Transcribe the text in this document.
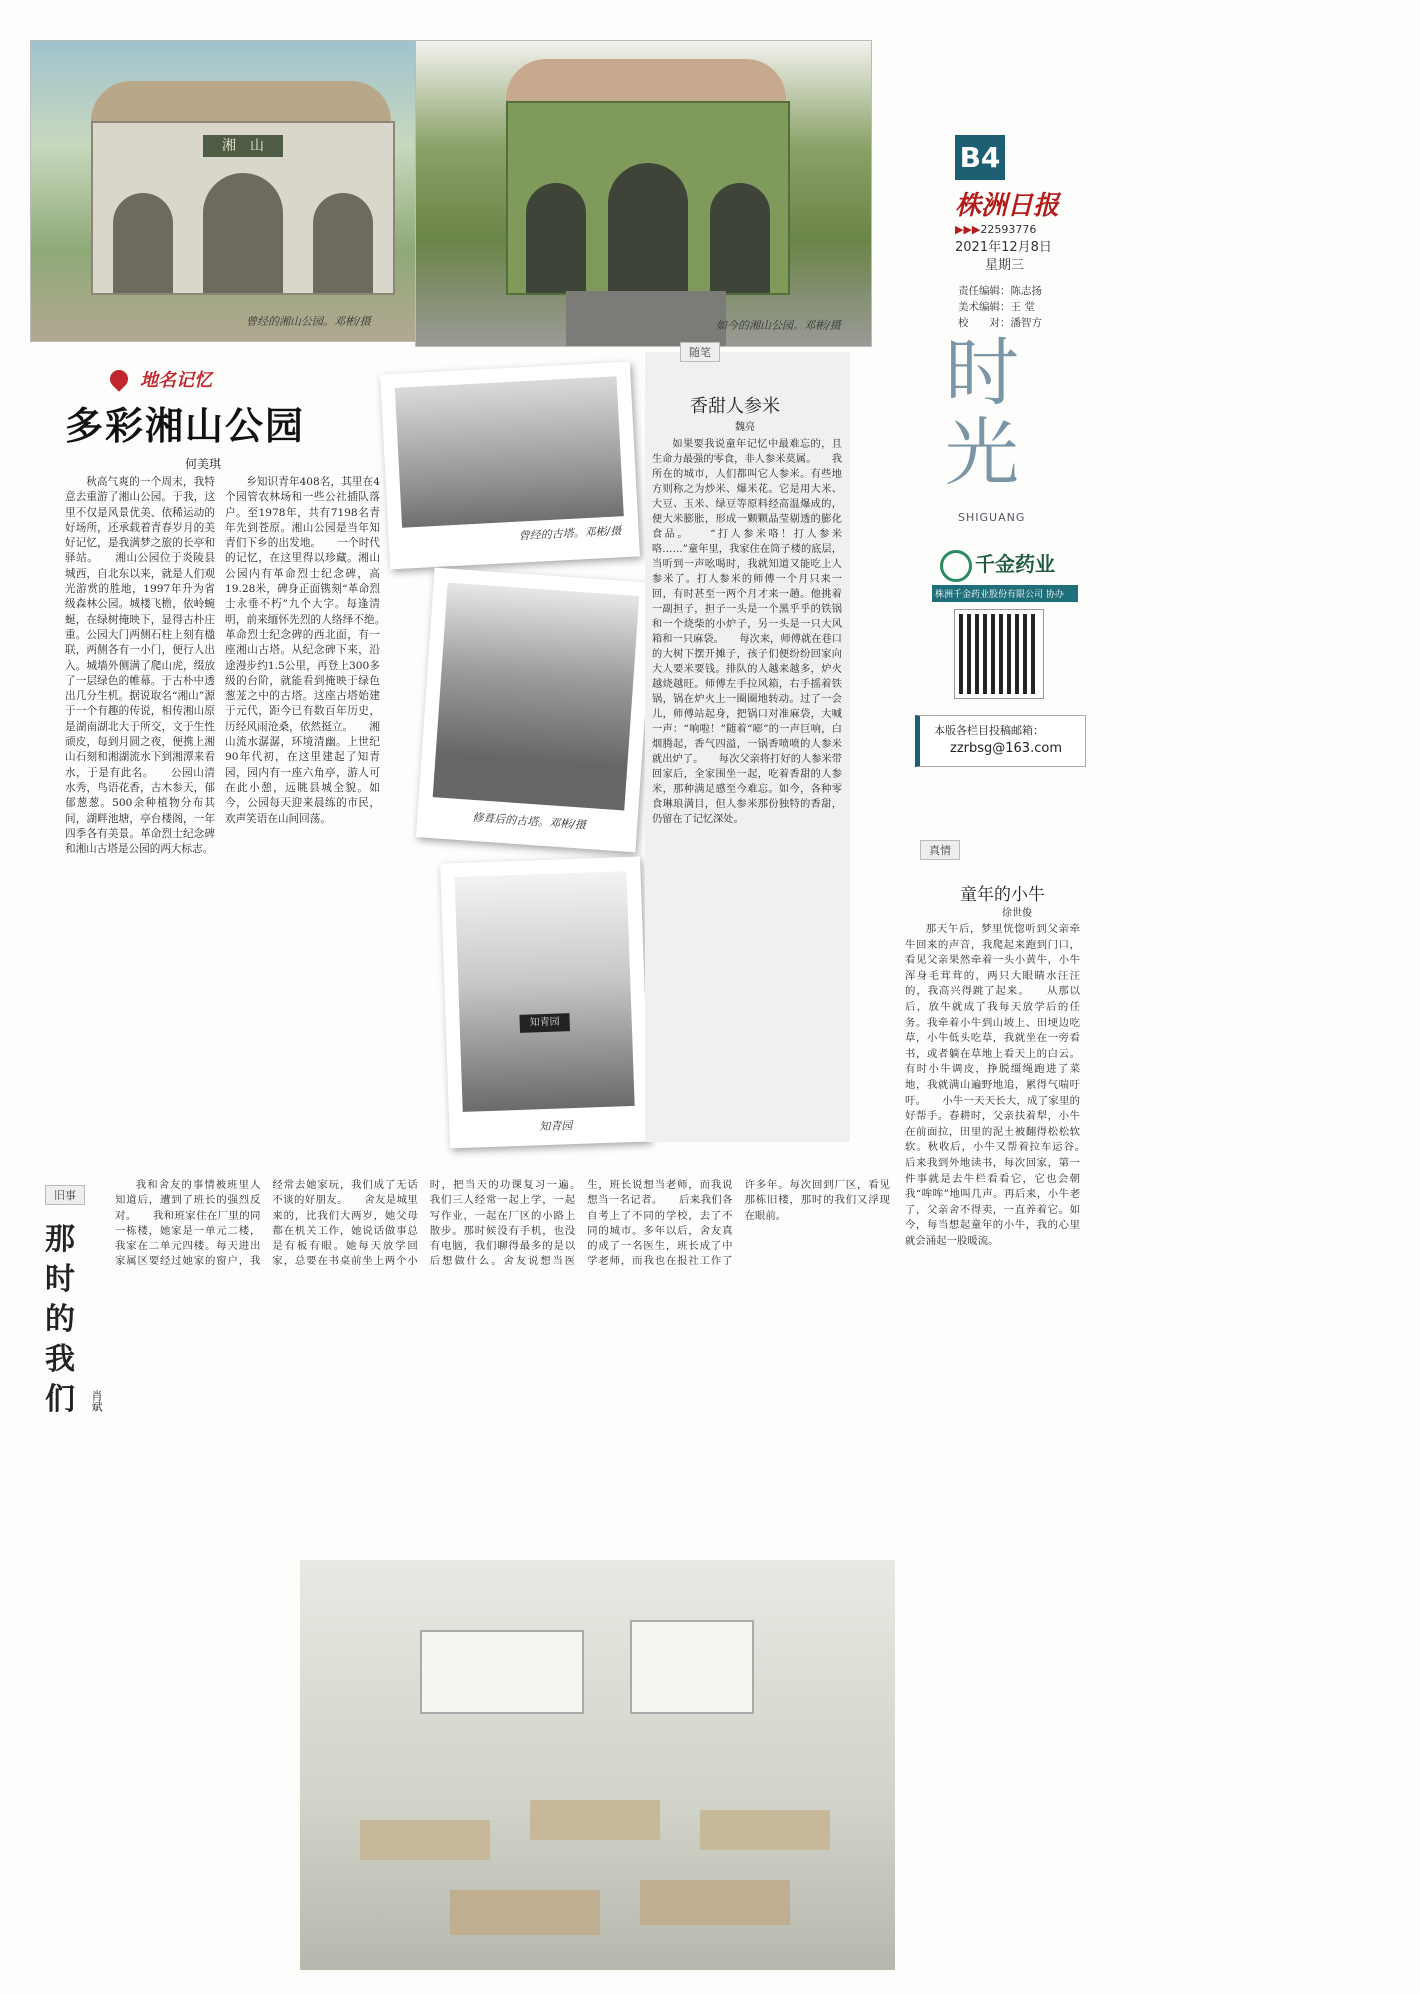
湘　山
曾经的湘山公园。邓彬/摄	如今的湘山公园。邓彬/摄
B4
株洲日报
▶▶▶22593776
2021年12月8日
星期三
责任编辑：陈志扬
美术编辑：王 堂
校　　对：潘智方
时
光
SHIGUANG
千金药业
株洲千金药业股份有限公司 协办
本版各栏目投稿邮箱：
zzrbsg@163.com
地名记忆
多彩湘山公园
何美琪

秋高气爽的一个周末，我特意去重游了湘山公园。于我，这里不仅是风景优美、依稀运动的好场所，还承载着青春岁月的美好记忆，是我满梦之旅的长亭和驿站。　　湘山公园位于炎陵县城西，自北东以来，就是人们观光游赏的胜地，1997年升为省级森林公园。城楼飞檐，依岭蜿蜒，在绿树掩映下，显得古朴庄重。公园大门两侧石柱上刻有楹联，两侧各有一小门，便行人出入。城墙外侧满了爬山虎，缀放了一层绿色的帷幕。于古朴中透出几分生机。据说取名“湘山”源于一个有趣的传说，相传湘山原是湖南湖北大于所交，文于生性顽皮，每到月圆之夜，便携上湘山石刻和湘湖流水下到湘潭来看水，于是有此名。　　公园山清水秀，鸟语花香，古木参天，郁郁葱葱。500余种植物分布其间，湖畔池塘，亭台楼阁，一年四季各有美景。革命烈士纪念碑和湘山古塔是公园的两大标志。

乡知识青年408名，其里在4个园管农林场和一些公社插队落户。至1978年，共有7198名青年先到苍原。湘山公园是当年知青们下乡的出发地。　　一个时代的记忆，在这里得以珍藏。湘山公园内有革命烈士纪念碑，高19.28米，碑身正面镌刻“革命烈士永垂不朽”九个大字。每逢清明，前来缅怀先烈的人络绎不绝。　　革命烈士纪念碑的西北面，有一座湘山古塔。从纪念碑下来，沿途漫步约1.5公里，再登上300多级的台阶，就能看到掩映于绿色葱茏之中的古塔。这座古塔始建于元代，距今已有数百年历史，历经风雨沧桑，依然挺立。　　湘山流水潺潺，环境清幽。上世纪90年代初，在这里建起了知青园，园内有一座六角亭，游人可在此小憩，远眺县城全貌。如今，公园每天迎来晨练的市民，欢声笑语在山间回荡。

曾经的古塔。邓彬/摄
修葺后的古塔。邓彬/摄
知青园
知青园
随笔
香甜人参米
魏亮

如果要我说童年记忆中最难忘的，且生命力最强的零食，非人参米莫属。　　我所在的城市，人们都叫它人参米。有些地方则称之为炒米、爆米花。它是用大米、大豆、玉米、绿豆等原料经高温爆成的，便大米膨胀，形成一颗颗晶莹剔透的膨化食品。　　“打人参米咯！打人参米咯……”童年里，我家住在筒子楼的底层，当听到一声吆喝时，我就知道又能吃上人参米了。打人参米的师傅一个月只来一回，有时甚至一两个月才来一趟。他挑着一副担子，担子一头是一个黑乎乎的铁锅和一个烧柴的小炉子，另一头是一只大风箱和一只麻袋。　　每次来，师傅就在巷口的大树下摆开摊子，孩子们便纷纷回家向大人要米要钱。排队的人越来越多，炉火越烧越旺。师傅左手拉风箱，右手摇着铁锅，锅在炉火上一圈圈地转动。过了一会儿，师傅站起身，把锅口对准麻袋，大喊一声：“响啦！”随着“嘭”的一声巨响，白烟腾起，香气四溢，一锅香喷喷的人参米就出炉了。　　每次父亲将打好的人参米带回家后，全家围坐一起，吃着香甜的人参米，那种满足感至今难忘。如今，各种零食琳琅满目，但人参米那份独特的香甜，仍留在了记忆深处。

真情
童年的小牛
徐世俊

那天午后，梦里恍惚听到父亲牵牛回来的声音，我爬起来跑到门口，看见父亲果然牵着一头小黄牛，小牛浑身毛茸茸的，两只大眼睛水汪汪的，我高兴得跳了起来。　　从那以后，放牛就成了我每天放学后的任务。我牵着小牛到山坡上、田埂边吃草，小牛低头吃草，我就坐在一旁看书，或者躺在草地上看天上的白云。有时小牛调皮，挣脱缰绳跑进了菜地，我就满山遍野地追，累得气喘吁吁。　　小牛一天天长大，成了家里的好帮手。春耕时，父亲扶着犁，小牛在前面拉，田里的泥土被翻得松松软软。秋收后，小牛又帮着拉车运谷。　　后来我到外地读书，每次回家，第一件事就是去牛栏看看它，它也会朝我“哞哞”地叫几声。再后来，小牛老了，父亲舍不得卖，一直养着它。如今，每当想起童年的小牛，我的心里就会涌起一股暖流。

旧事
那
时
的
我
们	肖斌

我和舍友的事情被班里人知道后，遭到了班长的强烈反对。　　我和班家住在厂里的同一栋楼，她家是一单元二楼，我家在二单元四楼。每天进出家属区要经过她家的窗户，我经常去她家玩，我们成了无话不谈的好朋友。　　舍友是城里来的，比我们大两岁，她父母都在机关工作，她说话做事总是有板有眼。她每天放学回家，总要在书桌前坐上两个小时，把当天的功课复习一遍。　　我们三人经常一起上学，一起写作业，一起在厂区的小路上散步。那时候没有手机，也没有电脑，我们聊得最多的是以后想做什么。舍友说想当医生，班长说想当老师，而我说想当一名记者。　　后来我们各自考上了不同的学校，去了不同的城市。多年以后，舍友真的成了一名医生，班长成了中学老师，而我也在报社工作了许多年。每次回到厂区，看见那栋旧楼，那时的我们又浮现在眼前。
